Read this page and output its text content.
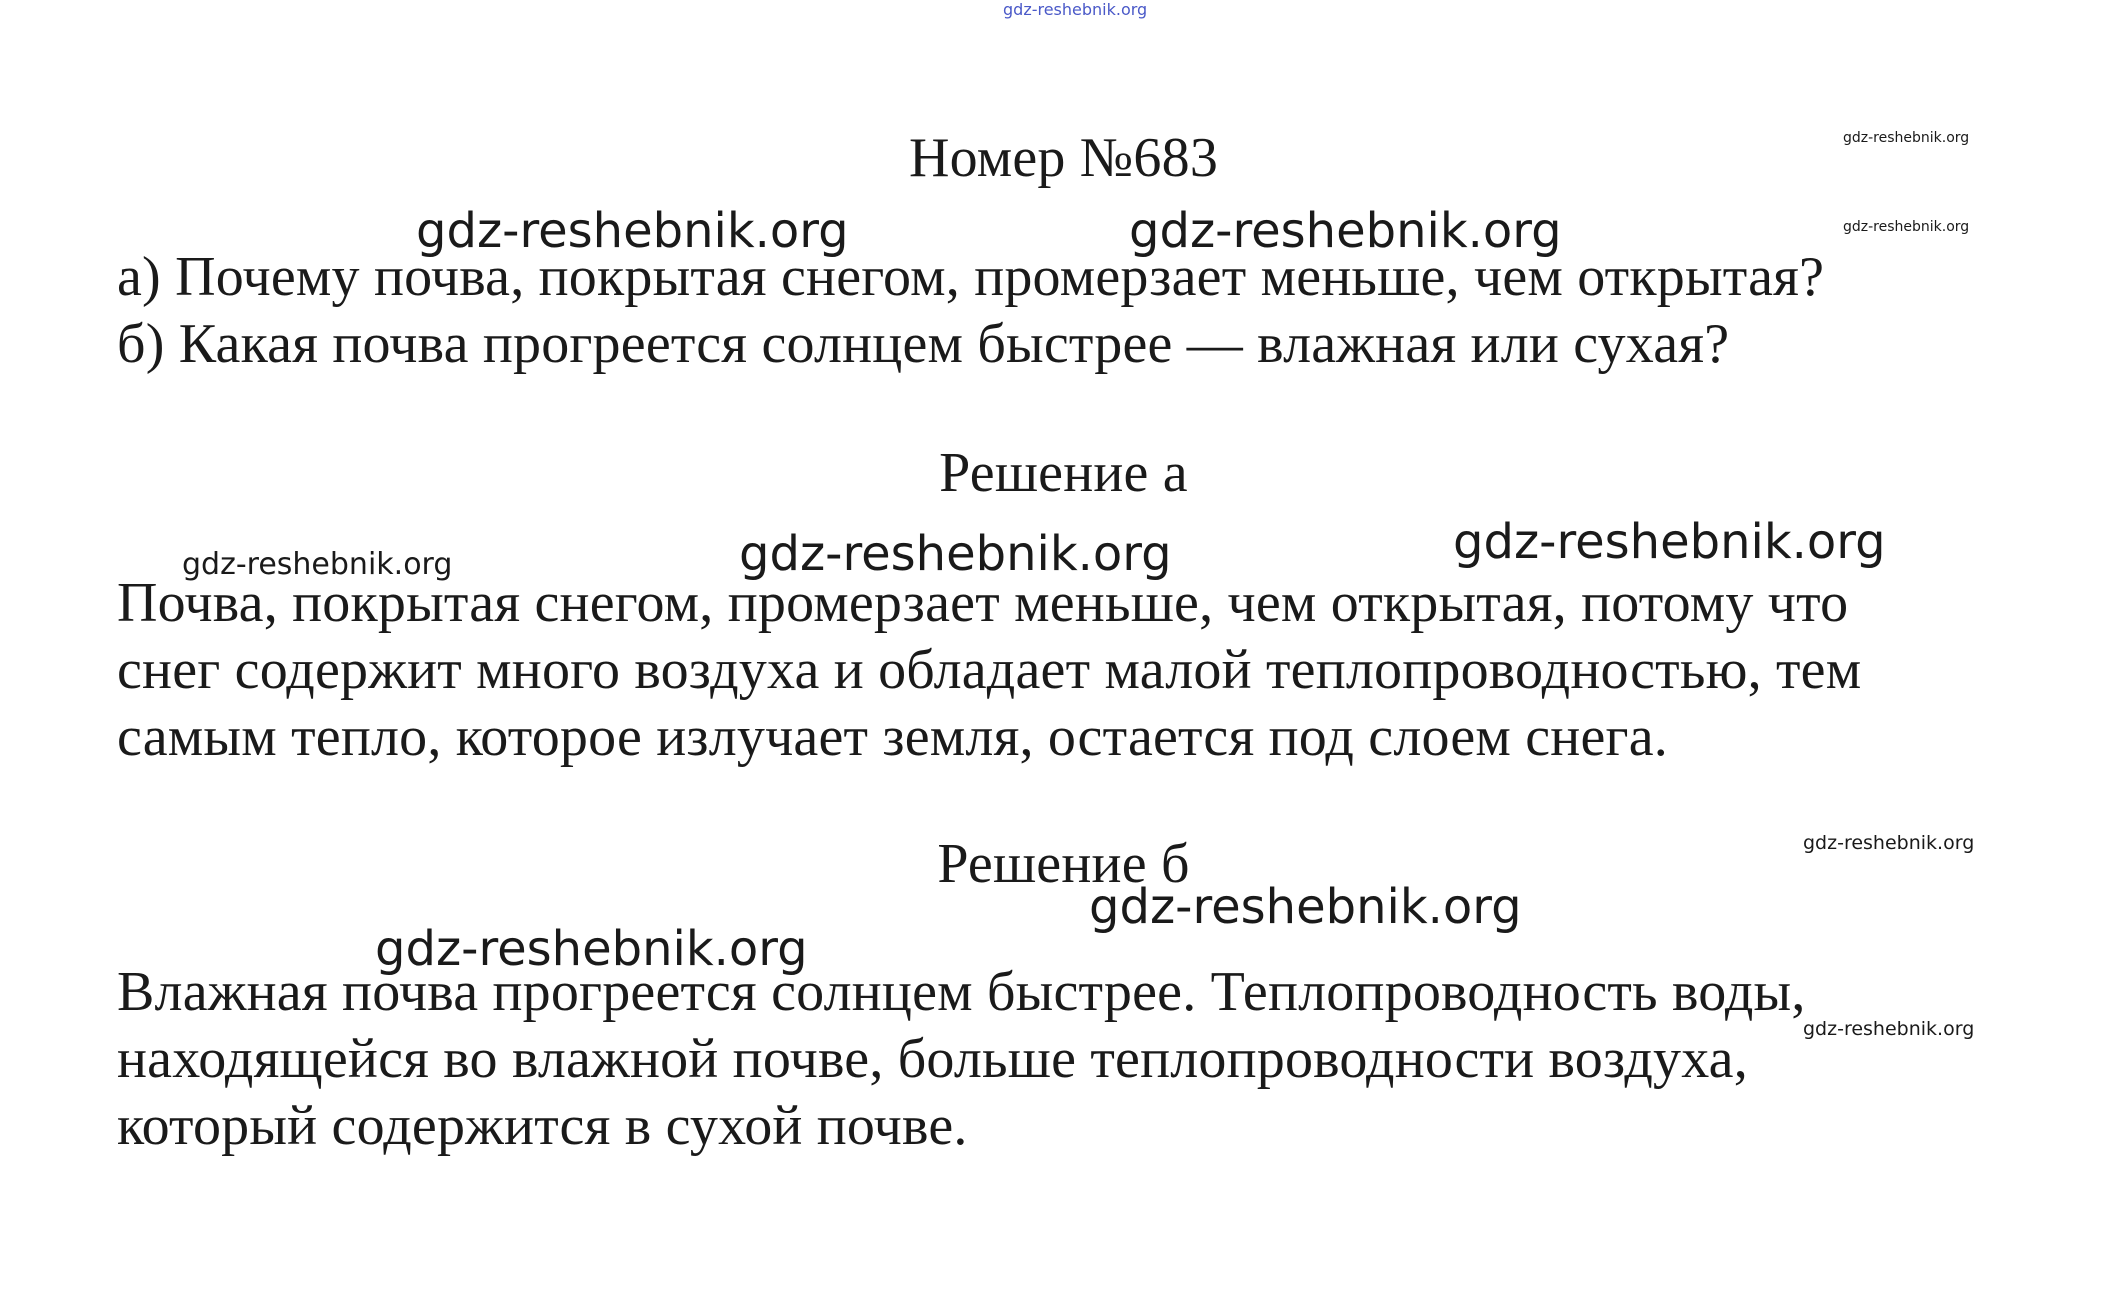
gdz-reshebnik.org
Номер №683
а) Почему почва, покрытая снегом, промерзает меньше, чем открытая?
б) Какая почва прогреется солнцем быстрее — влажная или сухая?
Решение а
Почва, покрытая снегом, промерзает меньше, чем открытая, потому что
снег содержит много воздуха и обладает малой теплопроводностью, тем
самым тепло, которое излучает земля, остается под слоем снега.
Решение б
Влажная почва прогреется солнцем быстрее. Теплопроводность воды,
находящейся во влажной почве, больше теплопроводности воздуха,
который содержится в сухой почве.
gdz-reshebnik.org
gdz-reshebnik.org	gdz-reshebnik.org	gdz-reshebnik.org
gdz-reshebnik.org	gdz-reshebnik.org	gdz-reshebnik.org
gdz-reshebnik.org
gdz-reshebnik.org
gdz-reshebnik.org
gdz-reshebnik.org
